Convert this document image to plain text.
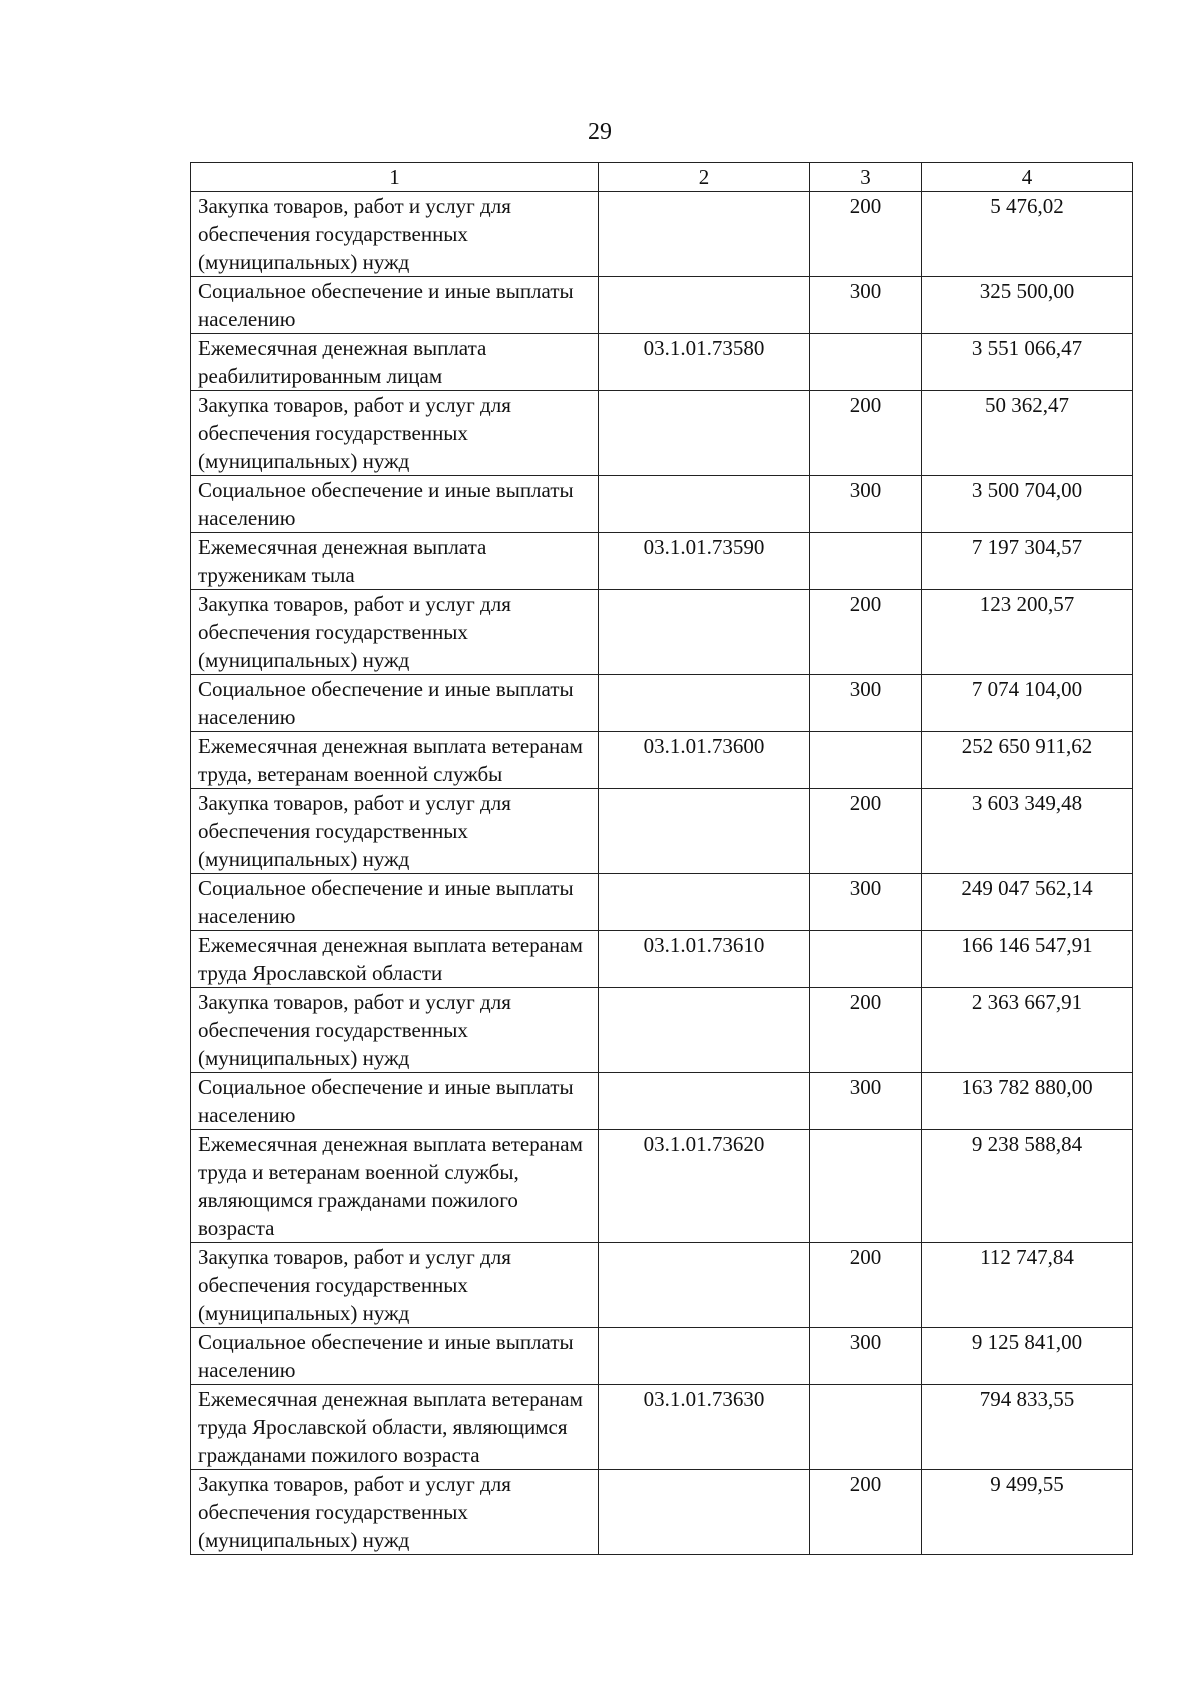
29
1	2	3	4
Закупка товаров, работ и услуг для обеспечения государственных (муниципальных) нужд		200	5 476,02
Социальное обеспечение и иные выплаты населению		300	325 500,00
Ежемесячная денежная выплата реабилитированным лицам	03.1.01.73580		3 551 066,47
Закупка товаров, работ и услуг для обеспечения государственных (муниципальных) нужд		200	50 362,47
Социальное обеспечение и иные выплаты населению		300	3 500 704,00
Ежемесячная денежная выплата труженикам тыла	03.1.01.73590		7 197 304,57
Закупка товаров, работ и услуг для обеспечения государственных (муниципальных) нужд		200	123 200,57
Социальное обеспечение и иные выплаты населению		300	7 074 104,00
Ежемесячная денежная выплата ветеранам труда, ветеранам военной службы	03.1.01.73600		252 650 911,62
Закупка товаров, работ и услуг для обеспечения государственных (муниципальных) нужд		200	3 603 349,48
Социальное обеспечение и иные выплаты населению		300	249 047 562,14
Ежемесячная денежная выплата ветеранам труда Ярославской области	03.1.01.73610		166 146 547,91
Закупка товаров, работ и услуг для обеспечения государственных (муниципальных) нужд		200	2 363 667,91
Социальное обеспечение и иные выплаты населению		300	163 782 880,00
Ежемесячная денежная выплата ветеранам труда и ветеранам военной службы, являющимся гражданами пожилого возраста	03.1.01.73620		9 238 588,84
Закупка товаров, работ и услуг для обеспечения государственных (муниципальных) нужд		200	112 747,84
Социальное обеспечение и иные выплаты населению		300	9 125 841,00
Ежемесячная денежная выплата ветеранам труда Ярославской области, являющимся гражданами пожилого возраста	03.1.01.73630		794 833,55
Закупка товаров, работ и услуг для обеспечения государственных (муниципальных) нужд		200	9 499,55
